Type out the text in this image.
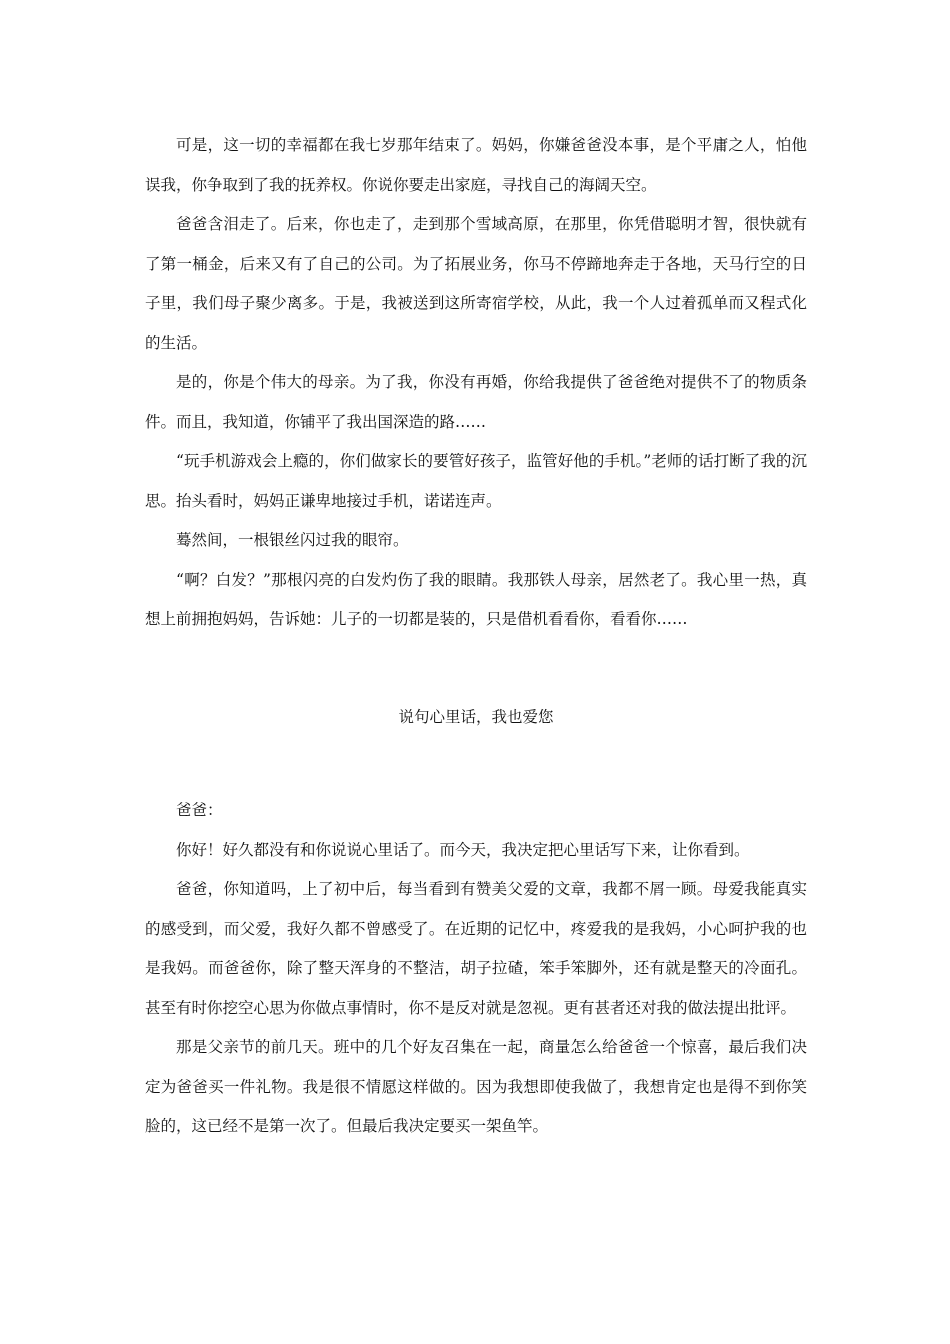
可是，这一切的幸福都在我七岁那年结束了。妈妈，你嫌爸爸没本事，是个平庸之人，怕他误我，你争取到了我的抚养权。你说你要走出家庭，寻找自己的海阔天空。

爸爸含泪走了。后来，你也走了，走到那个雪域高原，在那里，你凭借聪明才智，很快就有了第一桶金，后来又有了自己的公司。为了拓展业务，你马不停蹄地奔走于各地，天马行空的日子里，我们母子聚少离多。于是，我被送到这所寄宿学校，从此，我一个人过着孤单而又程式化的生活。

是的，你是个伟大的母亲。为了我，你没有再婚，你给我提供了爸爸绝对提供不了的物质条件。而且，我知道，你铺平了我出国深造的路……

“玩手机游戏会上瘾的，你们做家长的要管好孩子，监管好他的手机。”老师的话打断了我的沉思。抬头看时，妈妈正谦卑地接过手机，诺诺连声。

蓦然间，一根银丝闪过我的眼帘。

“啊？白发？”那根闪亮的白发灼伤了我的眼睛。我那铁人母亲，居然老了。我心里一热，真想上前拥抱妈妈，告诉她：儿子的一切都是装的，只是借机看看你，看看你……

说句心里话，我也爱您

爸爸：

你好！好久都没有和你说说心里话了。而今天，我决定把心里话写下来，让你看到。

爸爸，你知道吗，上了初中后，每当看到有赞美父爱的文章，我都不屑一顾。母爱我能真实的感受到，而父爱，我好久都不曾感受了。在近期的记忆中，疼爱我的是我妈，小心呵护我的也是我妈。而爸爸你，除了整天浑身的不整洁，胡子拉碴，笨手笨脚外，还有就是整天的冷面孔。甚至有时你挖空心思为你做点事情时，你不是反对就是忽视。更有甚者还对我的做法提出批评。

那是父亲节的前几天。班中的几个好友召集在一起，商量怎么给爸爸一个惊喜，最后我们决定为爸爸买一件礼物。我是很不情愿这样做的。因为我想即使我做了，我想肯定也是得不到你笑脸的，这已经不是第一次了。但最后我决定要买一架鱼竿。
